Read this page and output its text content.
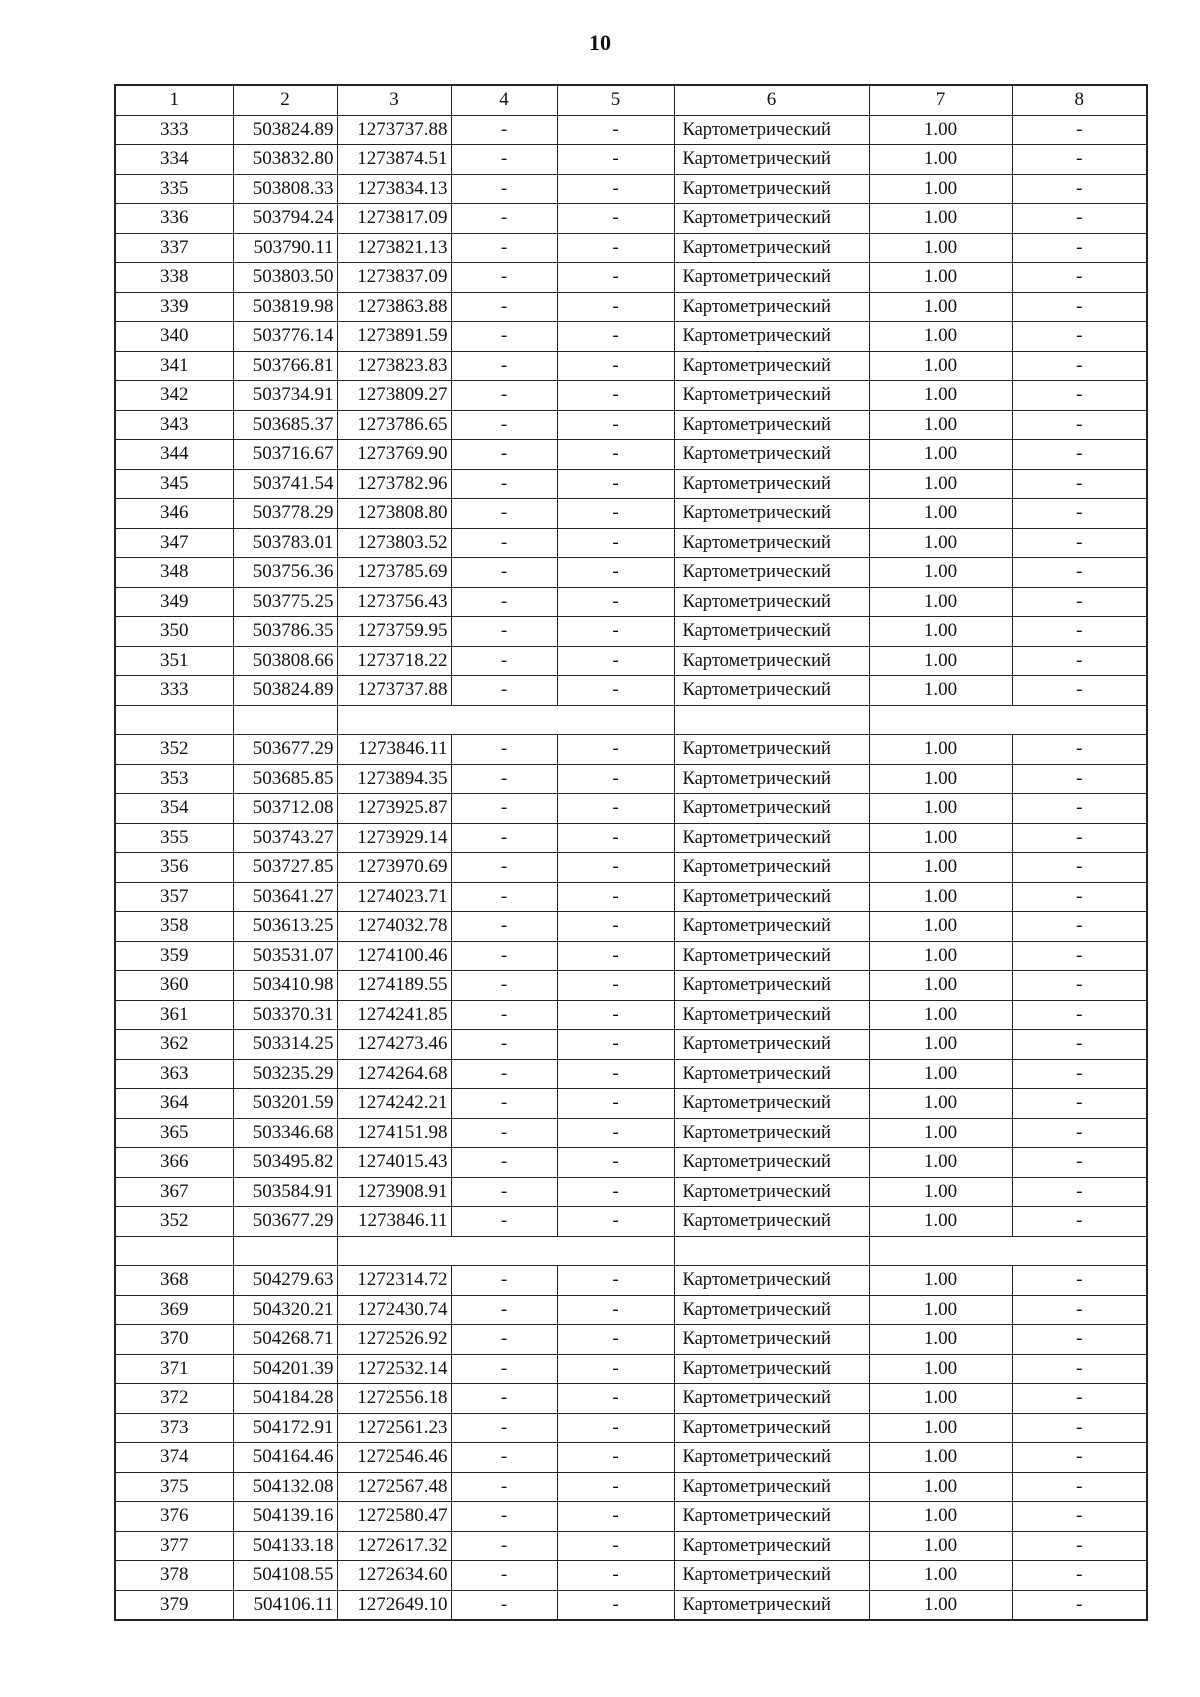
10
1	2	3	4	5	6	7	8
333	503824.89	1273737.88	-	-	Картометрический	1.00	-
334	503832.80	1273874.51	-	-	Картометрический	1.00	-
335	503808.33	1273834.13	-	-	Картометрический	1.00	-
336	503794.24	1273817.09	-	-	Картометрический	1.00	-
337	503790.11	1273821.13	-	-	Картометрический	1.00	-
338	503803.50	1273837.09	-	-	Картометрический	1.00	-
339	503819.98	1273863.88	-	-	Картометрический	1.00	-
340	503776.14	1273891.59	-	-	Картометрический	1.00	-
341	503766.81	1273823.83	-	-	Картометрический	1.00	-
342	503734.91	1273809.27	-	-	Картометрический	1.00	-
343	503685.37	1273786.65	-	-	Картометрический	1.00	-
344	503716.67	1273769.90	-	-	Картометрический	1.00	-
345	503741.54	1273782.96	-	-	Картометрический	1.00	-
346	503778.29	1273808.80	-	-	Картометрический	1.00	-
347	503783.01	1273803.52	-	-	Картометрический	1.00	-
348	503756.36	1273785.69	-	-	Картометрический	1.00	-
349	503775.25	1273756.43	-	-	Картометрический	1.00	-
350	503786.35	1273759.95	-	-	Картометрический	1.00	-
351	503808.66	1273718.22	-	-	Картометрический	1.00	-
333	503824.89	1273737.88	-	-	Картометрический	1.00	-

352	503677.29	1273846.11	-	-	Картометрический	1.00	-
353	503685.85	1273894.35	-	-	Картометрический	1.00	-
354	503712.08	1273925.87	-	-	Картометрический	1.00	-
355	503743.27	1273929.14	-	-	Картометрический	1.00	-
356	503727.85	1273970.69	-	-	Картометрический	1.00	-
357	503641.27	1274023.71	-	-	Картометрический	1.00	-
358	503613.25	1274032.78	-	-	Картометрический	1.00	-
359	503531.07	1274100.46	-	-	Картометрический	1.00	-
360	503410.98	1274189.55	-	-	Картометрический	1.00	-
361	503370.31	1274241.85	-	-	Картометрический	1.00	-
362	503314.25	1274273.46	-	-	Картометрический	1.00	-
363	503235.29	1274264.68	-	-	Картометрический	1.00	-
364	503201.59	1274242.21	-	-	Картометрический	1.00	-
365	503346.68	1274151.98	-	-	Картометрический	1.00	-
366	503495.82	1274015.43	-	-	Картометрический	1.00	-
367	503584.91	1273908.91	-	-	Картометрический	1.00	-
352	503677.29	1273846.11	-	-	Картометрический	1.00	-

368	504279.63	1272314.72	-	-	Картометрический	1.00	-
369	504320.21	1272430.74	-	-	Картометрический	1.00	-
370	504268.71	1272526.92	-	-	Картометрический	1.00	-
371	504201.39	1272532.14	-	-	Картометрический	1.00	-
372	504184.28	1272556.18	-	-	Картометрический	1.00	-
373	504172.91	1272561.23	-	-	Картометрический	1.00	-
374	504164.46	1272546.46	-	-	Картометрический	1.00	-
375	504132.08	1272567.48	-	-	Картометрический	1.00	-
376	504139.16	1272580.47	-	-	Картометрический	1.00	-
377	504133.18	1272617.32	-	-	Картометрический	1.00	-
378	504108.55	1272634.60	-	-	Картометрический	1.00	-
379	504106.11	1272649.10	-	-	Картометрический	1.00	-
